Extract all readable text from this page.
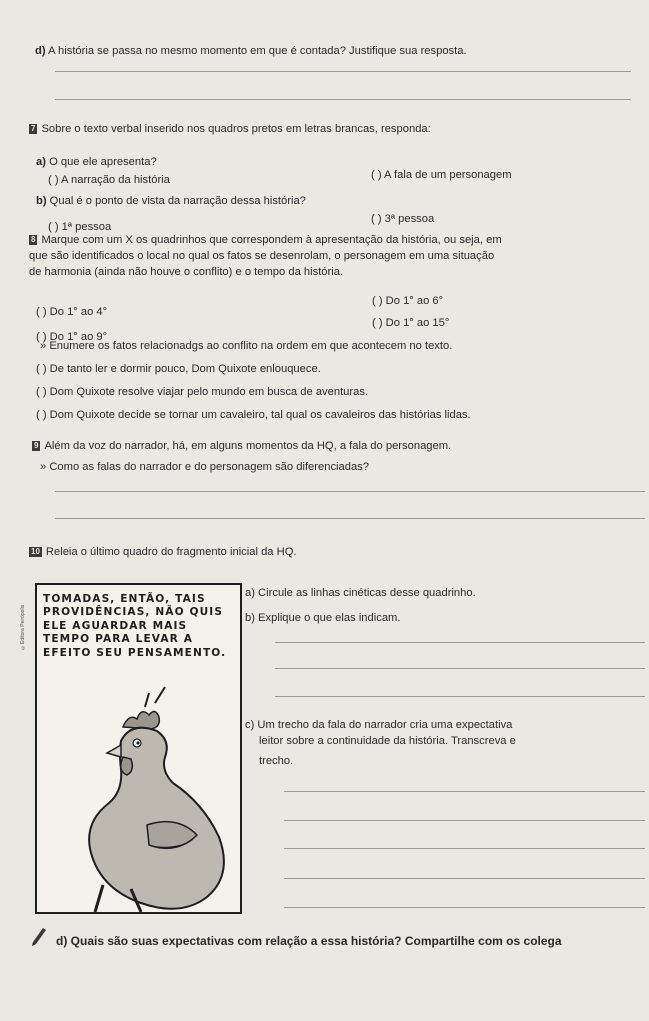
d) A história se passa no mesmo momento em que é contada? Justifique sua resposta.
7 Sobre o texto verbal inserido nos quadros pretos em letras brancas, responda:
a) O que ele apresenta?
( ) A narração da história	( ) A fala de um personagem
b) Qual é o ponto de vista da narração dessa história?
( ) 1ª pessoa
( ) 3ª pessoa
8 Marque com um X os quadrinhos que correspondem à apresentação da história, ou seja, em
que são identificados o local no qual os fatos se desenrolam, o personagem em uma situação
de harmonia (ainda não houve o conflito) e o tempo da história.
( ) Do 1° ao 4°
( ) Do 1° ao 6°
( ) Do 1° ao 9°
( ) Do 1° ao 15°
» Enumere os fatos relacionadgs ao conflito na ordem em que acontecem no texto.
( ) De tanto ler e dormir pouco, Dom Quixote enlouquece.
( ) Dom Quixote resolve viajar pelo mundo em busca de aventuras.
( ) Dom Quixote decide se tornar um cavaleiro, tal qual os cavaleiros das histórias lidas.
9 Além da voz do narrador, há, em alguns momentos da HQ, a fala do personagem.
» Como as falas do narrador e do personagem são diferenciadas?
10 Releia o último quadro do fragmento inicial da HQ.
©Editora Peirópolis
TOMADAS, ENTÃO, TAIS PROVIDÊNCIAS, NÃO QUIS ELE AGUARDAR MAIS TEMPO PARA LEVAR A EFEITO SEU PENSAMENTO.
a) Circule as linhas cinéticas desse quadrinho.
b) Explique o que elas indicam.
c) Um trecho da fala do narrador cria uma expectativa
leitor sobre a continuidade da história. Transcreva e
trecho.
d) Quais são suas expectativas com relação a essa história? Compartilhe com os colega
